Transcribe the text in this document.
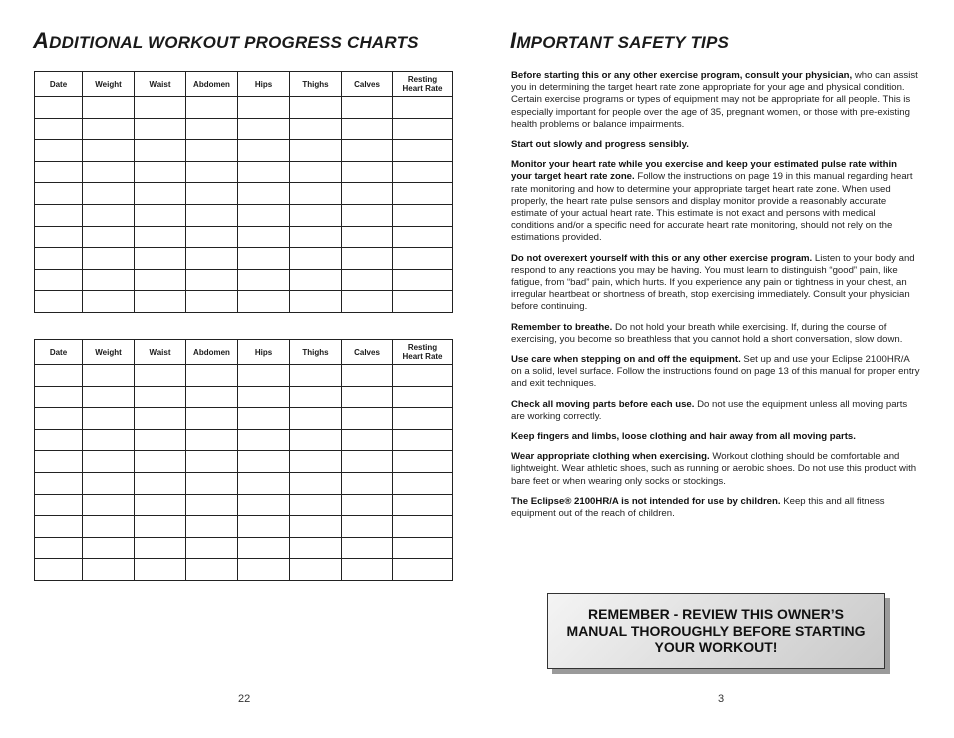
ADDITIONAL WORKOUT PROGRESS CHARTS
Date	Weight	Waist	Abdomen	Hips	Thighs	Calves	Resting
Heart Rate

Date	Weight	Waist	Abdomen	Hips	Thighs	Calves	Resting
Heart Rate

22
IMPORTANT SAFETY TIPS

Before starting this or any other exercise program, consult your physician, who can assist you in determining the target heart rate zone appropriate for your age and physical condition. Certain exercise programs or types of equipment may not be appropriate for all people. This is especially important for people over the age of 35, pregnant women, or those with pre-existing health problems or balance impairments.

Start out slowly and progress sensibly.

Monitor your heart rate while you exercise and keep your estimated pulse rate within your target heart rate zone. Follow the instructions on page 19 in this manual regarding heart rate monitoring and how to determine your appropriate target heart rate zone. When used properly, the heart rate pulse sensors and display monitor provide a reasonably accurate estimate of your actual heart rate. This estimate is not exact and persons with medical conditions and/or a specific need for accurate heart rate monitoring, should not rely on the estimations provided.

Do not overexert yourself with this or any other exercise program. Listen to your body and respond to any reactions you may be having. You must learn to distinguish “good” pain, like fatigue, from “bad” pain, which hurts. If you experience any pain or tightness in your chest, an irregular heartbeat or shortness of breath, stop exercising immediately. Consult your physician before continuing.

Remember to breathe. Do not hold your breath while exercising. If, during the course of exercising, you become so breathless that you cannot hold a short conversation, slow down.

Use care when stepping on and off the equipment. Set up and use your Eclipse 2100HR/A on a solid, level surface. Follow the instructions found on page 13 of this manual for proper entry and exit techniques.

Check all moving parts before each use. Do not use the equipment unless all moving parts are working correctly.

Keep fingers and limbs, loose clothing and hair away from all moving parts.

Wear appropriate clothing when exercising. Workout clothing should be comfortable and lightweight. Wear athletic shoes, such as running or aerobic shoes. Do not use this product with bare feet or when wearing only socks or stockings.

The Eclipse® 2100HR/A is not intended for use by children. Keep this and all fitness equipment out of the reach of children.

REMEMBER - REVIEW THIS OWNER’S MANUAL THOROUGHLY BEFORE STARTING YOUR WORKOUT!
3
